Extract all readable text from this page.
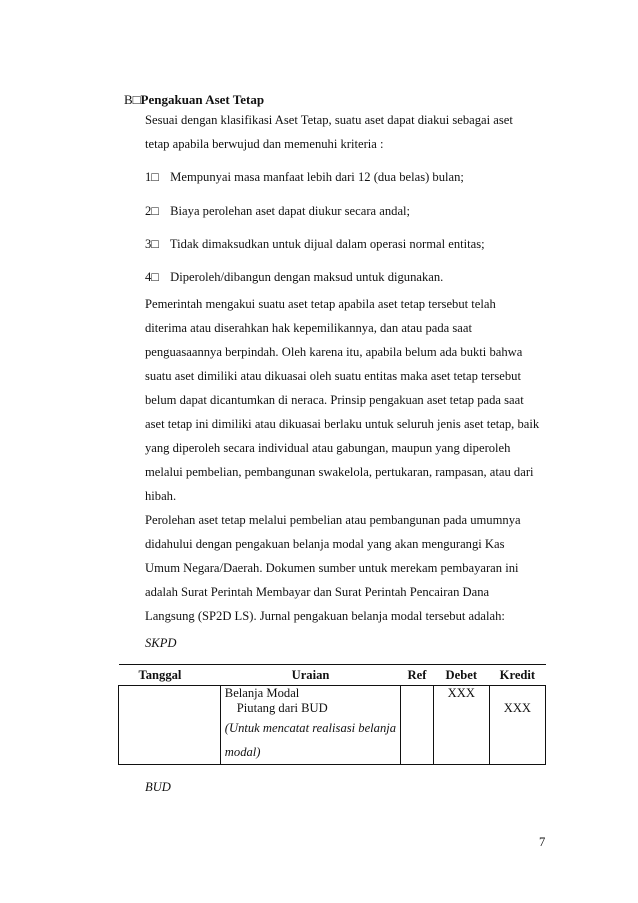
B□Pengakuan Aset Tetap
Sesuai dengan klasifikasi Aset Tetap, suatu aset dapat diakui sebagai aset
tetap apabila berwujud dan memenuhi kriteria :
1□ Mempunyai masa manfaat lebih dari 12 (dua belas) bulan;
2□ Biaya perolehan aset dapat diukur secara andal;
3□ Tidak dimaksudkan untuk dijual dalam operasi normal entitas;
4□ Diperoleh/dibangun dengan maksud untuk digunakan.
Pemerintah mengakui suatu aset tetap apabila aset tetap tersebut telah
diterima atau diserahkan hak kepemilikannya, dan atau pada saat
penguasaannya berpindah. Oleh karena itu, apabila belum ada bukti bahwa
suatu aset dimiliki atau dikuasai oleh suatu entitas maka aset tetap tersebut
belum dapat dicantumkan di neraca. Prinsip pengakuan aset tetap pada saat
aset tetap ini dimiliki atau dikuasai berlaku untuk seluruh jenis aset tetap, baik
yang diperoleh secara individual atau gabungan, maupun yang diperoleh
melalui pembelian, pembangunan swakelola, pertukaran, rampasan, atau dari
hibah.
Perolehan aset tetap melalui pembelian atau pembangunan pada umumnya
didahului dengan pengakuan belanja modal yang akan mengurangi Kas
Umum Negara/Daerah. Dokumen sumber untuk merekam pembayaran ini
adalah Surat Perintah Membayar dan Surat Perintah Pencairan Dana
Langsung (SP2D LS). Jurnal pengakuan belanja modal tersebut adalah:
SKPD
Tanggal	Uraian	Ref	Debet	Kredit

	Belanja Modal
Piutang dari BUD
(Untuk mencatat realisasi belanja
modal)		XXX	XXX
BUD
7
